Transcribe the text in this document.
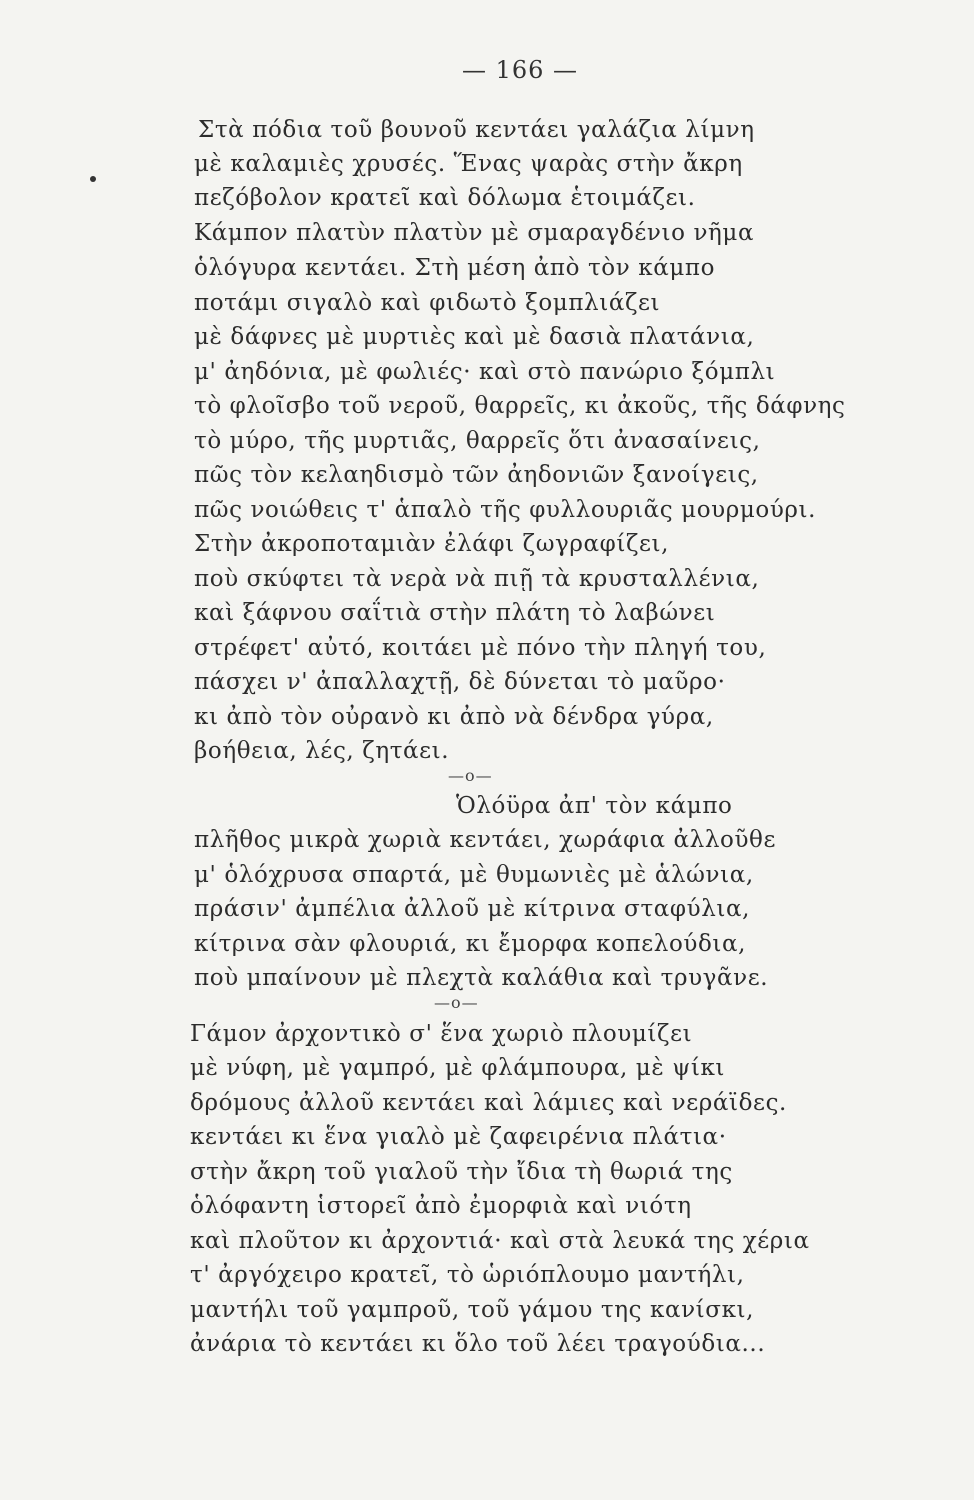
— 166 —
Στὰ πόδια τοῦ βουνοῦ κεντάει γαλάζια λίμνη
μὲ καλαμιὲς χρυσές. Ἕνας ψαρὰς στὴν ἄκρη
πεζόβολον κρατεῖ καὶ δόλωμα ἑτοιμάζει.
Κάμπον πλατὺν πλατὺν μὲ σμαραγδένιο νῆμα
ὁλόγυρα κεντάει. Στὴ μέση ἀπὸ τὸν κάμπο
ποτάμι σιγαλὸ καὶ φιδωτὸ ξομπλιάζει
μὲ δάφνες μὲ μυρτιὲς καὶ μὲ δασιὰ πλατάνια,
μ' ἀηδόνια, μὲ φωλιές· καὶ στὸ πανώριο ξόμπλι
τὸ φλοῖσβο τοῦ νεροῦ, θαρρεῖς, κι ἀκοῦς, τῆς δάφνης
τὸ μύρο, τῆς μυρτιᾶς, θαρρεῖς ὅτι ἀνασαίνεις,
πῶς τὸν κελαηδισμὸ τῶν ἀηδονιῶν ξανοίγεις,
πῶς νοιώθεις τ' ἁπαλὸ τῆς φυλλουριᾶς μουρμούρι.
Στὴν ἀκροποταμιὰν ἐλάφι ζωγραφίζει,
ποὺ σκύφτει τὰ νερὰ νὰ πιῇ τὰ κρυσταλλένια,
καὶ ξάφνου σαΐτιὰ στὴν πλάτη τὸ λαβώνει
στρέφετ' αὐτό, κοιτάει μὲ πόνο τὴν πληγή του,
πάσχει ν' ἀπαλλαχτῇ, δὲ δύνεται τὸ μαῦρο·
κι ἀπὸ τὸν οὐρανὸ κι ἀπὸ νὰ δένδρα γύρα,
βοήθεια, λές, ζητάει.
—ο—
Ὁλόϋρα ἀπ' τὸν κάμπο
πλῆθος μικρὰ χωριὰ κεντάει, χωράφια ἀλλοῦθε
μ' ὁλόχρυσα σπαρτά, μὲ θυμωνιὲς μὲ ἁλώνια,
πράσιν' ἀμπέλια ἀλλοῦ μὲ κίτρινα σταφύλια,
κίτρινα σὰν φλουριά, κι ἔμορφα κοπελούδια,
ποὺ μπαίνουν μὲ πλεχτὰ καλάθια καὶ τρυγᾶνε.
—ο—
Γάμον ἀρχοντικὸ σ' ἕνα χωριὸ πλουμίζει
μὲ νύφη, μὲ γαμπρό, μὲ φλάμπουρα, μὲ ψίκι
δρόμους ἀλλοῦ κεντάει καὶ λάμιες καὶ νεράϊδες.
κεντάει κι ἕνα γιαλὸ μὲ ζαφειρένια πλάτια·
στὴν ἄκρη τοῦ γιαλοῦ τὴν ἴδια τὴ θωριά της
ὁλόφαντη ἱστορεῖ ἀπὸ ἐμορφιὰ καὶ νιότη
καὶ πλοῦτον κι ἀρχοντιά· καὶ στὰ λευκά της χέρια
τ' ἀργόχειρο κρατεῖ, τὸ ὡριόπλουμο μαντήλι,
μαντήλι τοῦ γαμπροῦ, τοῦ γάμου της κανίσκι,
ἀνάρια τὸ κεντάει κι ὅλο τοῦ λέει τραγούδια...
